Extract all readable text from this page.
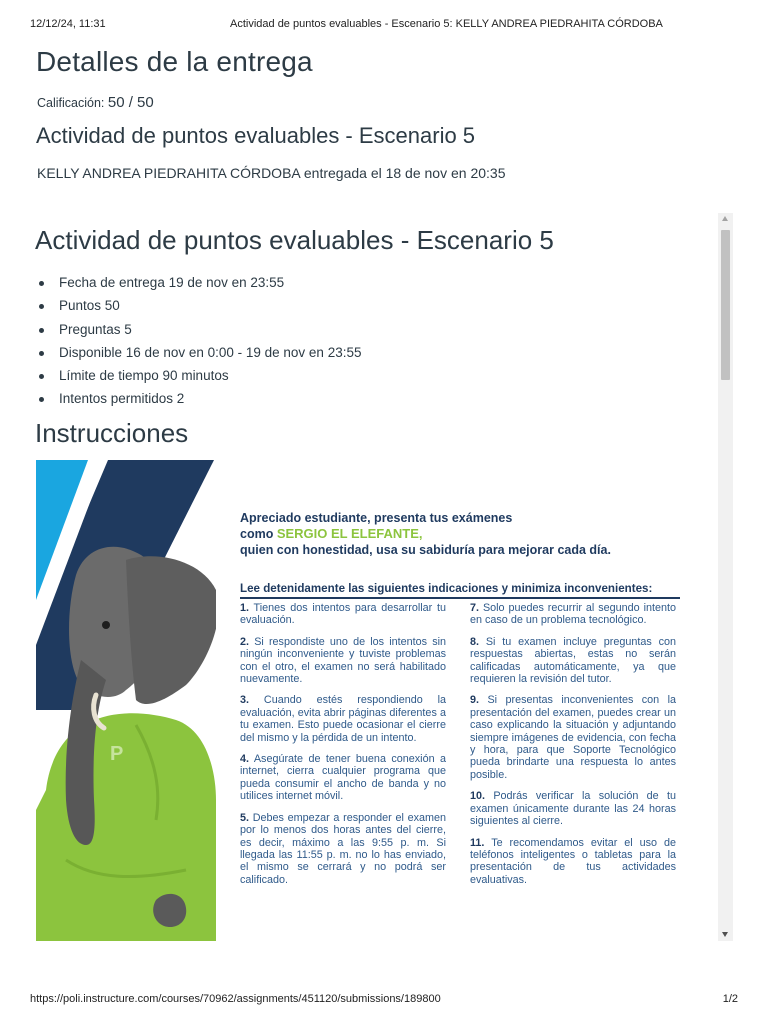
12/12/24, 11:31	Actividad de puntos evaluables - Escenario 5: KELLY ANDREA PIEDRAHITA CÓRDOBA
Detalles de la entrega
Calificación: 50 / 50
Actividad de puntos evaluables - Escenario 5
KELLY ANDREA PIEDRAHITA CÓRDOBA entregada el 18 de nov en 20:35
Actividad de puntos evaluables - Escenario 5
Fecha de entrega 19 de nov en 23:55
Puntos 50
Preguntas 5
Disponible 16 de nov en 0:00 - 19 de nov en 23:55
Límite de tiempo 90 minutos
Intentos permitidos 2
Instrucciones
P
Apreciado estudiante, presenta tus exámenes
como SERGIO EL ELEFANTE,
quien con honestidad, usa su sabiduría para mejorar cada día.
Lee detenidamente las siguientes indicaciones y minimiza inconvenientes:
1. Tienes dos intentos para desarrollar tu evaluación.
2. Si respondiste uno de los intentos sin ningún inconveniente y tuviste problemas con el otro, el examen no será habilitado nuevamente.
3. Cuando estés respondiendo la evaluación, evita abrir páginas diferentes a tu examen. Esto puede ocasionar el cierre del mismo y la pérdida de un intento.
4. Asegúrate de tener buena conexión a internet, cierra cualquier programa que pueda consumir el ancho de banda y no utilices internet móvil.
5. Debes empezar a responder el examen por lo menos dos horas antes del cierre, es decir, máximo a las 9:55 p. m. Si llegada las 11:55 p. m. no lo has enviado, el mismo se cerrará y no podrá ser calificado.
7. Solo puedes recurrir al segundo intento en caso de un problema tecnológico.
8. Si tu examen incluye preguntas con respuestas abiertas, estas no serán calificadas automáticamente, ya que requieren la revisión del tutor.
9. Si presentas inconvenientes con la presentación del examen, puedes crear un caso explicando la situación y adjuntando siempre imágenes de evidencia, con fecha y hora, para que Soporte Tecnológico pueda brindarte una respuesta lo antes posible.
10. Podrás verificar la solución de tu examen únicamente durante las 24 horas siguientes al cierre.
11. Te recomendamos evitar el uso de teléfonos inteligentes o tabletas para la presentación de tus actividades evaluativas.
https://poli.instructure.com/courses/70962/assignments/451120/submissions/189800	1/2
